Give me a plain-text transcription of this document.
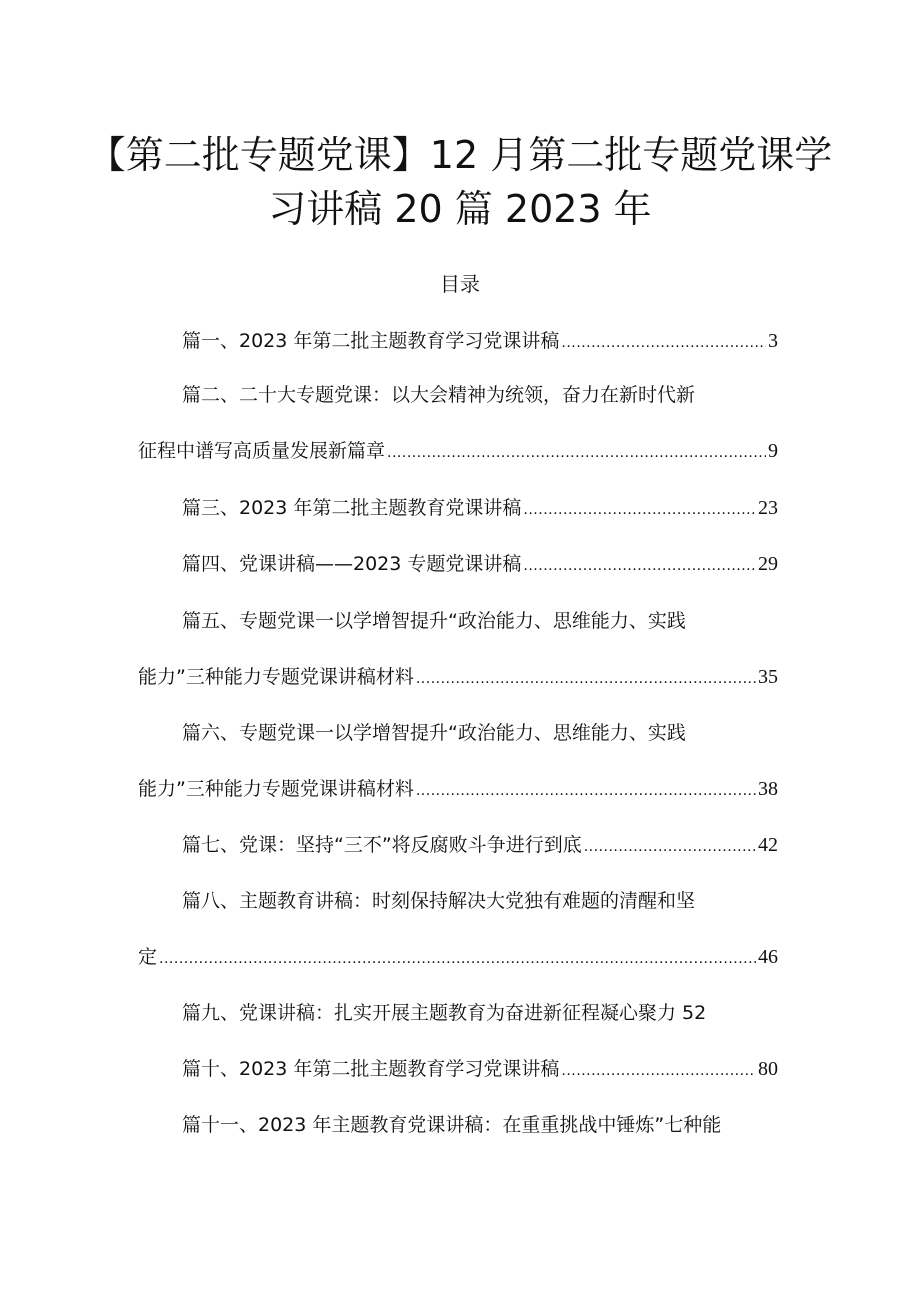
【第二批专题党课】12 月第二批专题党课学
习讲稿 20 篇 2023 年
目录
篇一、2023 年第二批主题教育学习党课讲稿 .....	3
篇二、二十大专题党课：以大会精神为统领，奋力在新时代新
征程中谱写高质量发展新篇章 .....	9
篇三、2023 年第二批主题教育党课讲稿 .....	23
篇四、党课讲稿——2023 专题党课讲稿 .....	29
篇五、专题党课一以学增智提升“政治能力、思维能力、实践
能力”三种能力专题党课讲稿材料 .....	35
篇六、专题党课一以学增智提升“政治能力、思维能力、实践
能力”三种能力专题党课讲稿材料 .....	38
篇七、党课：坚持“三不”将反腐败斗争进行到底 .....	42
篇八、主题教育讲稿：时刻保持解决大党独有难题的清醒和坚
定 .....	46
篇九、党课讲稿：扎实开展主题教育为奋进新征程凝心聚力 52
篇十、2023 年第二批主题教育学习党课讲稿 .....	80
篇十一、2023 年主题教育党课讲稿：在重重挑战中锤炼”七种能
